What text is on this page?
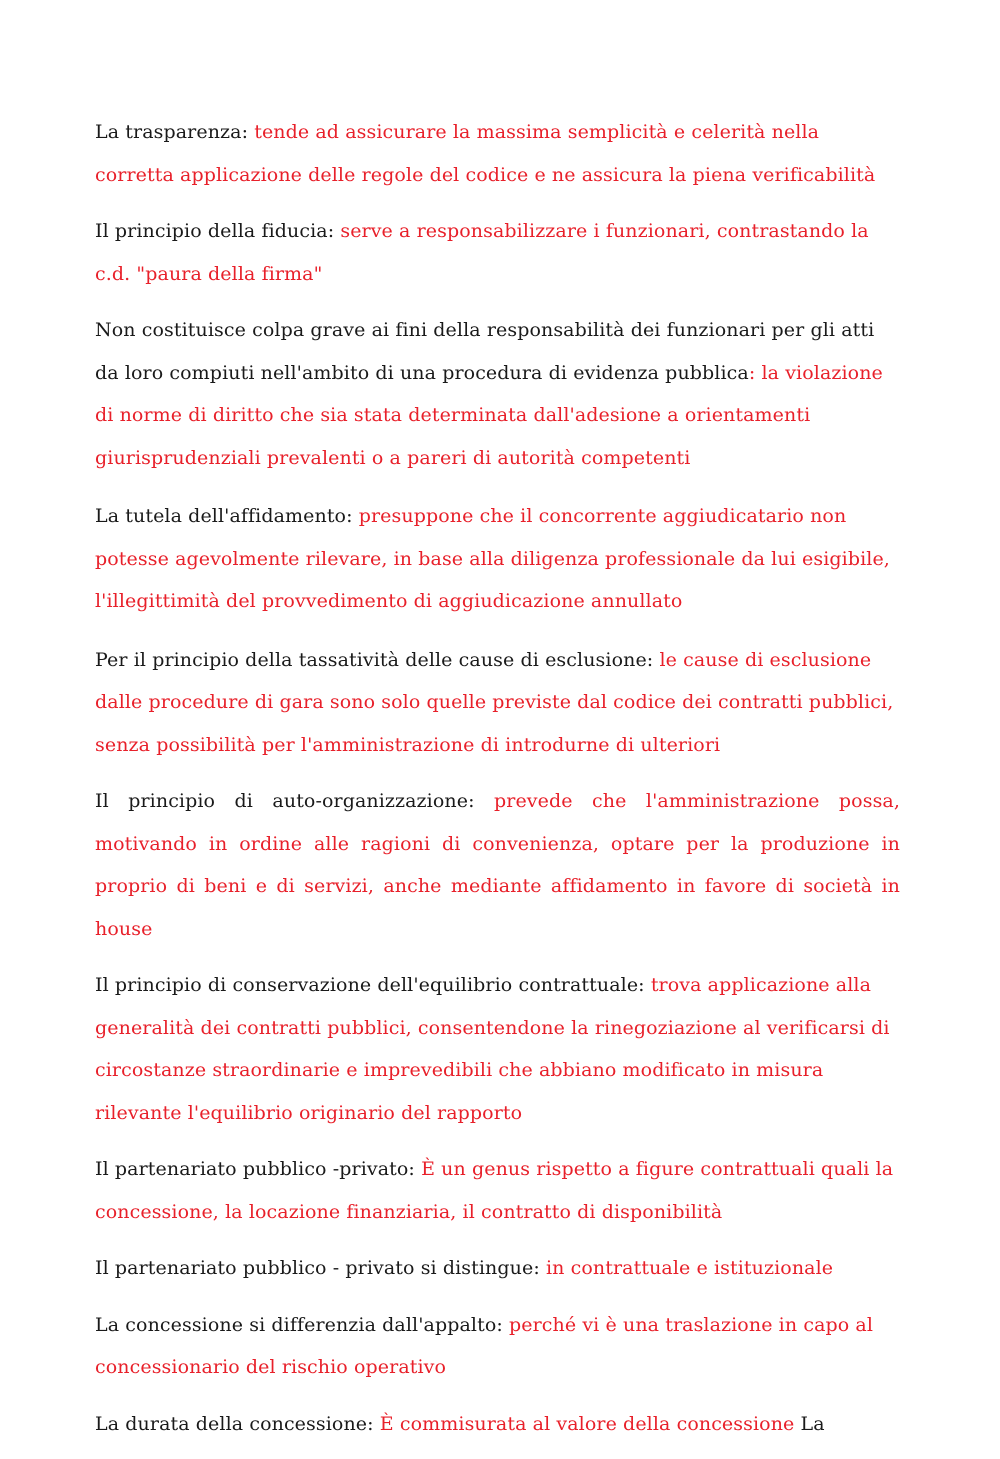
La trasparenza: tende ad assicurare la massima semplicità e celerità nella corretta applicazione delle regole del codice e ne assicura la piena verificabilità

Il principio della fiducia: serve a responsabilizzare i funzionari, contrastando la c.d. "paura della firma"

Non costituisce colpa grave ai fini della responsabilità dei funzionari per gli atti da loro compiuti nell'ambito di una procedura di evidenza pubblica: la violazione di norme di diritto che sia stata determinata dall'adesione a orientamenti giurisprudenziali prevalenti o a pareri di autorità competenti

La tutela dell'affidamento: presuppone che il concorrente aggiudicatario non potesse agevolmente rilevare, in base alla diligenza professionale da lui esigibile, l'illegittimità del provvedimento di aggiudicazione annullato

Per il principio della tassatività delle cause di esclusione: le cause di esclusione dalle procedure di gara sono solo quelle previste dal codice dei contratti pubblici, senza possibilità per l'amministrazione di introdurne di ulteriori

Il principio di auto-organizzazione: prevede che l'amministrazione possa, motivando in ordine alle ragioni di convenienza, optare per la produzione in proprio di beni e di servizi, anche mediante affidamento in favore di società in house

Il principio di conservazione dell'equilibrio contrattuale: trova applicazione alla generalità dei contratti pubblici, consentendone la rinegoziazione al verificarsi di circostanze straordinarie e imprevedibili che abbiano modificato in misura rilevante l'equilibrio originario del rapporto

Il partenariato pubblico -privato: È un genus rispetto a figure contrattuali quali la concessione, la locazione finanziaria, il contratto di disponibilità

Il partenariato pubblico - privato si distingue: in contrattuale e istituzionale

La concessione si differenzia dall'appalto: perché vi è una traslazione in capo al concessionario del rischio operativo

La durata della concessione: È commisurata al valore della concessione La
